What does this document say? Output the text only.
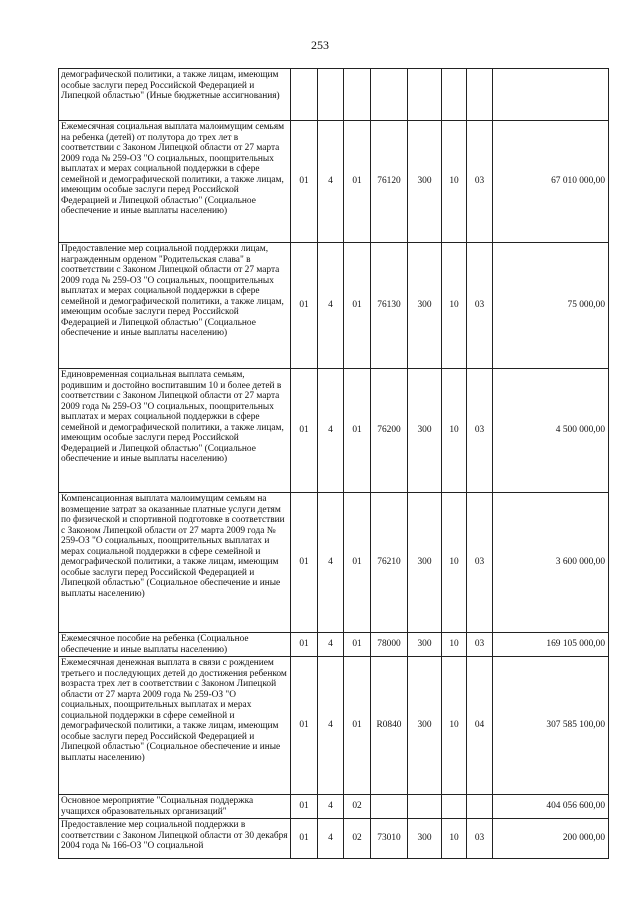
253
демографической политики, а также лицам, имеющим особые заслуги перед Российской Федерацией и Липецкой областью" (Иные бюджетные ассигнования)								
Ежемесячная социальная выплата малоимущим семьям на ребенка (детей) от полутора до трех лет в соответствии с Законом Липецкой области от 27 марта 2009 года № 259-ОЗ "О социальных, поощрительных выплатах и мерах социальной поддержки в сфере семейной и демографической политики, а также лицам, имеющим особые заслуги перед Российской Федерацией и Липецкой областью" (Социальное обеспечение и иные выплаты населению)	01	4	01	76120	300	10	03	67 010 000,00
Предоставление мер социальной поддержки лицам, награжденным орденом "Родительская слава" в соответствии с Законом Липецкой области от 27 марта 2009 года № 259-ОЗ "О социальных, поощрительных выплатах и мерах социальной поддержки в сфере семейной и демографической политики, а также лицам, имеющим особые заслуги перед Российской Федерацией и Липецкой областью" (Социальное обеспечение и иные выплаты населению)	01	4	01	76130	300	10	03	75 000,00
Единовременная социальная выплата семьям, родившим и достойно воспитавшим 10 и более детей в соответствии с Законом Липецкой области от 27 марта 2009 года № 259-ОЗ "О социальных, поощрительных выплатах и мерах социальной поддержки в сфере семейной и демографической политики, а также лицам, имеющим особые заслуги перед Российской Федерацией и Липецкой областью" (Социальное обеспечение и иные выплаты населению)	01	4	01	76200	300	10	03	4 500 000,00
Компенсационная выплата малоимущим семьям на возмещение затрат за оказанные платные услуги детям по физической и спортивной подготовке в соответствии с Законом Липецкой области от 27 марта 2009 года № 259-ОЗ "О социальных, поощрительных выплатах и мерах социальной поддержки в сфере семейной и демографической политики, а также лицам, имеющим особые заслуги перед Российской Федерацией и Липецкой областью" (Социальное обеспечение и иные выплаты населению)	01	4	01	76210	300	10	03	3 600 000,00
Ежемесячное пособие на ребенка (Социальное обеспечение и иные выплаты населению)	01	4	01	78000	300	10	03	169 105 000,00
Ежемесячная денежная выплата в связи с рождением третьего и последующих детей до достижения ребенком возраста трех лет в соответствии с Законом Липецкой области от 27 марта 2009 года № 259-ОЗ "О социальных, поощрительных выплатах и мерах социальной поддержки в сфере семейной и демографической политики, а также лицам, имеющим особые заслуги перед Российской Федерацией и Липецкой областью" (Социальное обеспечение и иные выплаты населению)	01	4	01	R0840	300	10	04	307 585 100,00
Основное мероприятие "Социальная поддержка учащихся образовательных организаций"	01	4	02					404 056 600,00
Предоставление мер социальной поддержки в соответствии с Законом Липецкой области от 30 декабря 2004 года № 166-ОЗ "О социальной	01	4	02	73010	300	10	03	200 000,00
